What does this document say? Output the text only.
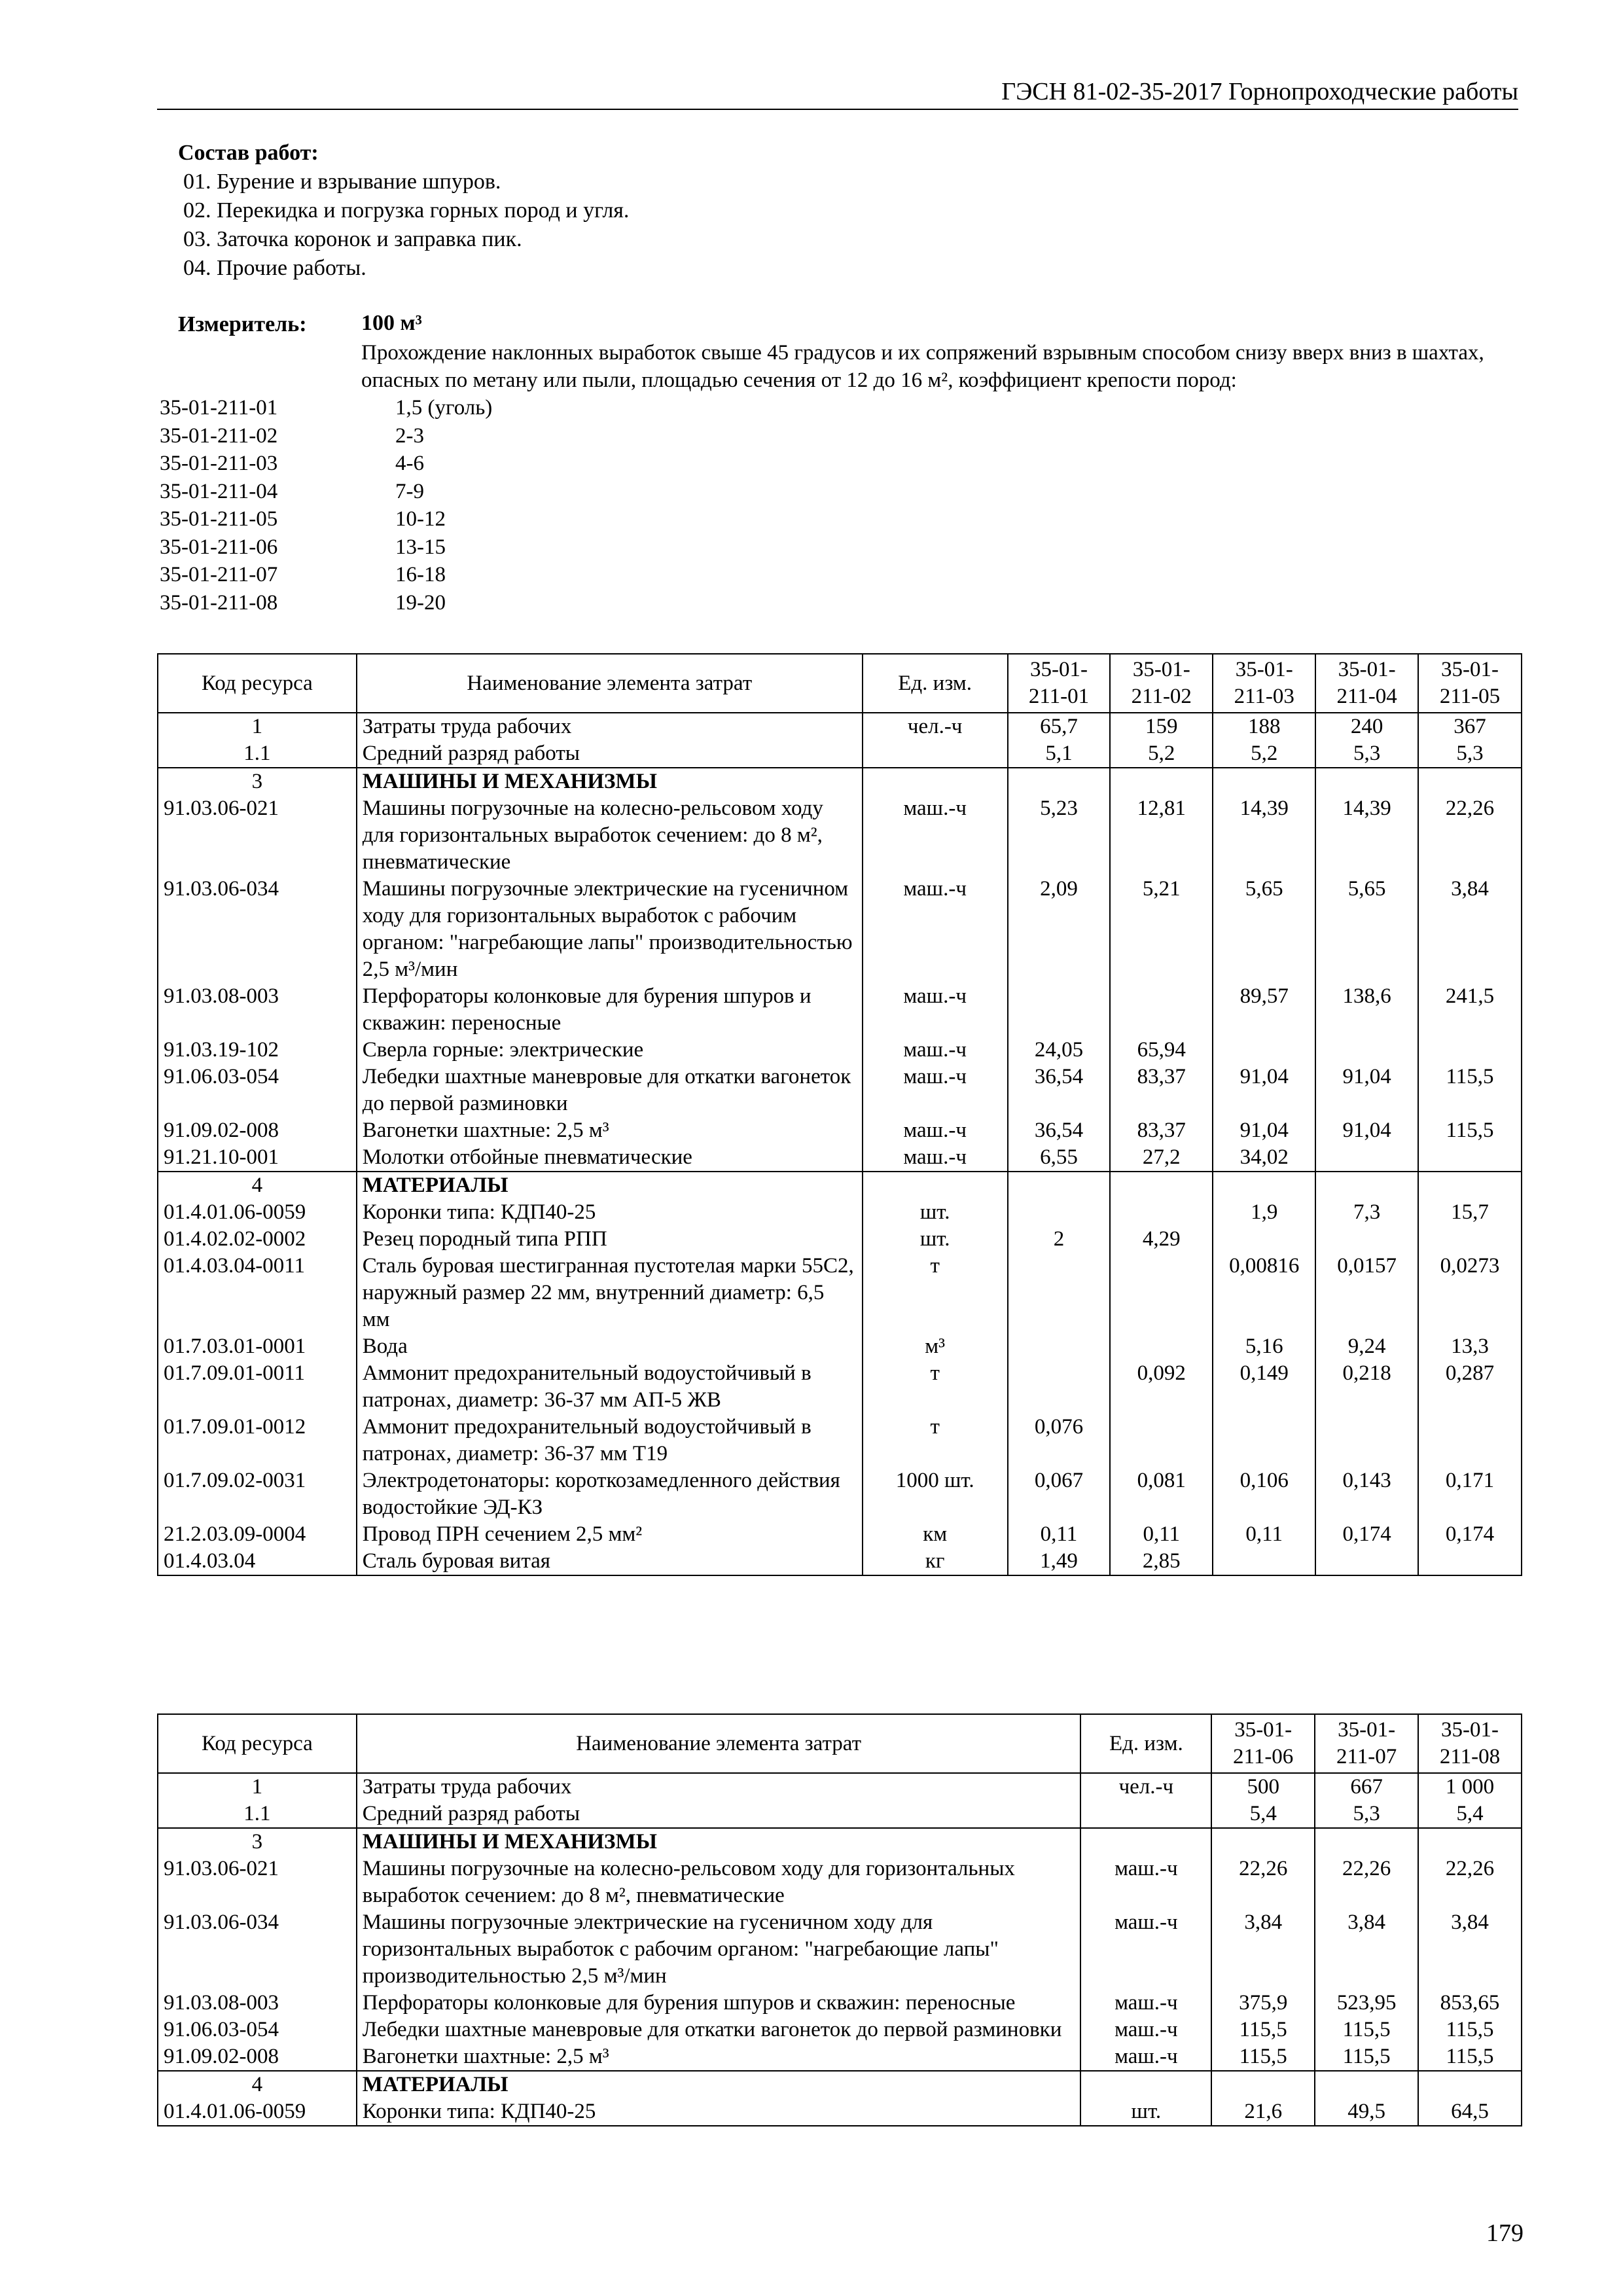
ГЭСН 81-02-35-2017 Горнопроходческие работы
Состав работ:
01. Бурение и взрывание шпуров.
02. Перекидка и погрузка горных пород и угля.
03. Заточка коронок и заправка пик.
04. Прочие работы.
Измеритель: 100 м³
Прохождение наклонных выработок свыше 45 градусов и их сопряжений взрывным способом снизу вверх вниз в шахтах, опасных по метану или пыли, площадью сечения от 12 до 16 м², коэффициент крепости пород:
35-01-211-01	1,5 (уголь)
35-01-211-02	2-3
35-01-211-03	4-6
35-01-211-04	7-9
35-01-211-05	10-12
35-01-211-06	13-15
35-01-211-07	16-18
35-01-211-08	19-20
Код ресурса	Наименование элемента затрат	Ед. изм.	35-01-
211-01	35-01-
211-02	35-01-
211-03	35-01-
211-04	35-01-
211-05
1	Затраты труда рабочих	чел.-ч	65,7	159	188	240	367
1.1	Средний разряд работы		5,1	5,2	5,2	5,3	5,3
3	МАШИНЫ И МЕХАНИЗМЫ						
91.03.06-021	Машины погрузочные на колесно-рельсовом ходу для горизонтальных выработок сечением: до 8 м², пневматические	маш.-ч	5,23	12,81	14,39	14,39	22,26
91.03.06-034	Машины погрузочные электрические на гусеничном ходу для горизонтальных выработок с рабочим органом: "нагребающие лапы" производительностью 2,5 м³/мин	маш.-ч	2,09	5,21	5,65	5,65	3,84
91.03.08-003	Перфораторы колонковые для бурения шпуров и скважин: переносные	маш.-ч			89,57	138,6	241,5
91.03.19-102	Сверла горные: электрические	маш.-ч	24,05	65,94			
91.06.03-054	Лебедки шахтные маневровые для откатки вагонеток до первой разминовки	маш.-ч	36,54	83,37	91,04	91,04	115,5
91.09.02-008	Вагонетки шахтные: 2,5 м³	маш.-ч	36,54	83,37	91,04	91,04	115,5
91.21.10-001	Молотки отбойные пневматические	маш.-ч	6,55	27,2	34,02		
4	МАТЕРИАЛЫ						
01.4.01.06-0059	Коронки типа: КДП40-25	шт.			1,9	7,3	15,7
01.4.02.02-0002	Резец породный типа РПП	шт.	2	4,29			
01.4.03.04-0011	Сталь буровая шестигранная пустотелая марки 55С2, наружный размер 22 мм, внутренний диаметр: 6,5 мм	т			0,00816	0,0157	0,0273
01.7.03.01-0001	Вода	м³			5,16	9,24	13,3
01.7.09.01-0011	Аммонит предохранительный водоустойчивый в патронах, диаметр: 36-37 мм АП-5 ЖВ	т		0,092	0,149	0,218	0,287
01.7.09.01-0012	Аммонит предохранительный водоустойчивый в патронах, диаметр: 36-37 мм Т19	т	0,076				
01.7.09.02-0031	Электродетонаторы: короткозамедленного действия водостойкие ЭД-КЗ	1000 шт.	0,067	0,081	0,106	0,143	0,171
21.2.03.09-0004	Провод ПРН сечением 2,5 мм²	км	0,11	0,11	0,11	0,174	0,174
01.4.03.04	Сталь буровая витая	кг	1,49	2,85			
Код ресурса	Наименование элемента затрат	Ед. изм.	35-01-
211-06	35-01-
211-07	35-01-
211-08
1	Затраты труда рабочих	чел.-ч	500	667	1 000
1.1	Средний разряд работы		5,4	5,3	5,4
3	МАШИНЫ И МЕХАНИЗМЫ				
91.03.06-021	Машины погрузочные на колесно-рельсовом ходу для горизонтальных выработок сечением: до 8 м², пневматические	маш.-ч	22,26	22,26	22,26
91.03.06-034	Машины погрузочные электрические на гусеничном ходу для горизонтальных выработок с рабочим органом: "нагребающие лапы" производительностью 2,5 м³/мин	маш.-ч	3,84	3,84	3,84
91.03.08-003	Перфораторы колонковые для бурения шпуров и скважин: переносные	маш.-ч	375,9	523,95	853,65
91.06.03-054	Лебедки шахтные маневровые для откатки вагонеток до первой разминовки	маш.-ч	115,5	115,5	115,5
91.09.02-008	Вагонетки шахтные: 2,5 м³	маш.-ч	115,5	115,5	115,5
4	МАТЕРИАЛЫ				
01.4.01.06-0059	Коронки типа: КДП40-25	шт.	21,6	49,5	64,5
179
